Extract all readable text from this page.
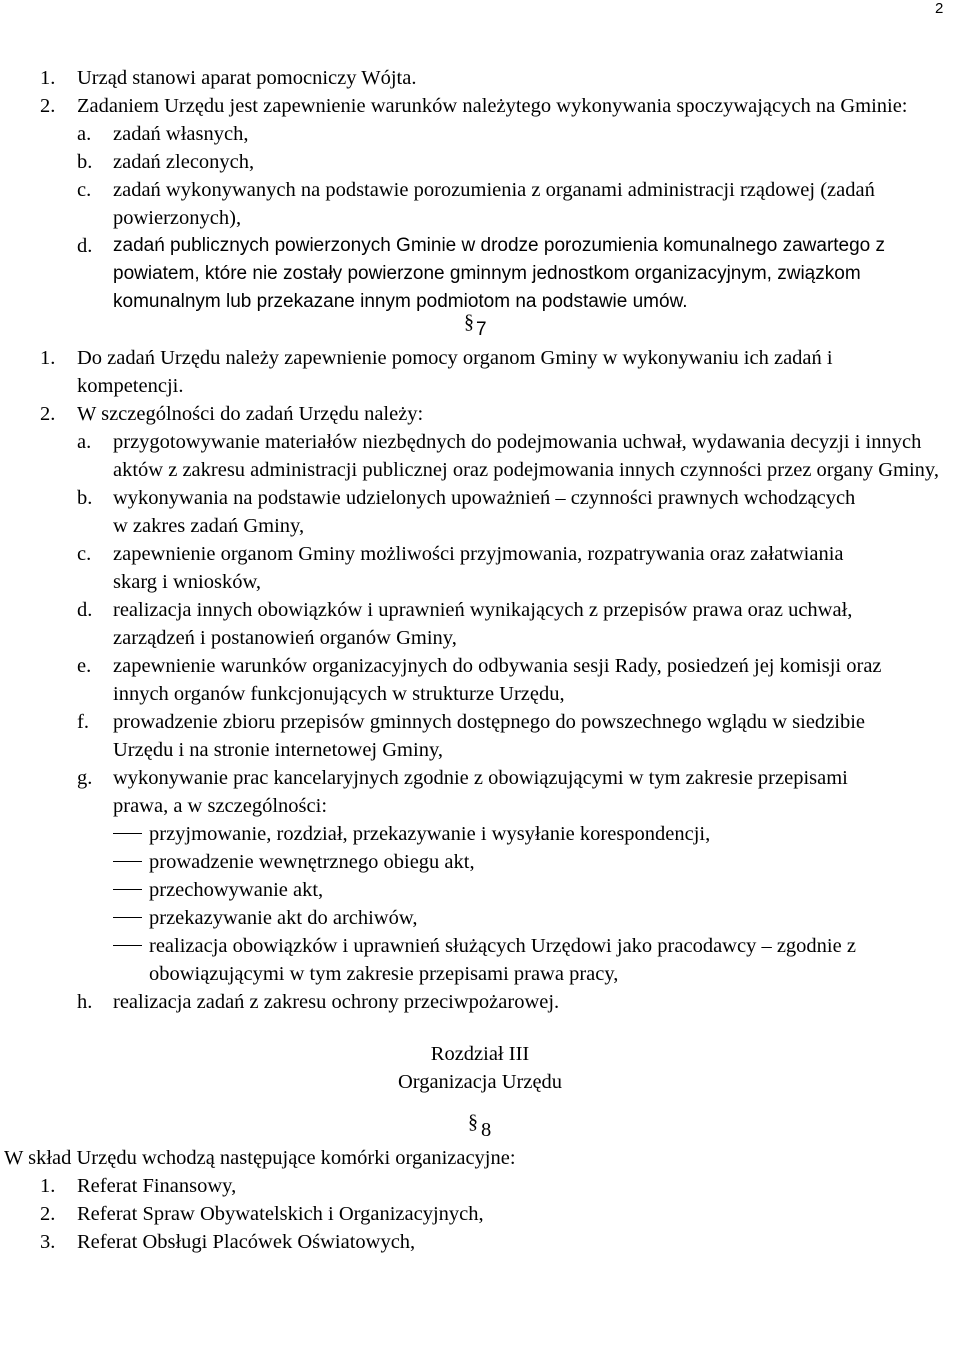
2
1. Urząd stanowi aparat pomocniczy Wójta.
2. Zadaniem Urzędu jest zapewnienie warunków należytego wykonywania spoczywających na Gminie:
a. zadań własnych,
b. zadań zleconych,
c. zadań wykonywanych na podstawie porozumienia z organami administracji rządowej (zadań powierzonych),
d. zadań publicznych powierzonych Gminie w drodze porozumienia komunalnego zawartego z powiatem, które nie zostały powierzone gminnym jednostkom organizacyjnym, związkom komunalnym lub przekazane innym podmiotom na podstawie umów.
§ 7
1. Do zadań Urzędu należy zapewnienie pomocy organom Gminy w wykonywaniu ich zadań i kompetencji.
2. W szczególności do zadań Urzędu należy:
a. przygotowywanie materiałów niezbędnych do podejmowania uchwał, wydawania decyzji i innych aktów z zakresu administracji publicznej oraz podejmowania innych czynności przez organy Gminy,
b. wykonywania na podstawie udzielonych upoważnień – czynności prawnych wchodzących w zakres zadań Gminy,
c. zapewnienie organom Gminy możliwości przyjmowania, rozpatrywania oraz załatwiania skarg i wniosków,
d. realizacja innych obowiązków i uprawnień wynikających z przepisów prawa oraz uchwał, zarządzeń i postanowień organów Gminy,
e. zapewnienie warunków organizacyjnych do odbywania sesji Rady, posiedzeń jej komisji oraz innych organów funkcjonujących w strukturze Urzędu,
f. prowadzenie zbioru przepisów gminnych dostępnego do powszechnego wglądu w siedzibie Urzędu i na stronie internetowej Gminy,
g. wykonywanie prac kancelaryjnych zgodnie z obowiązującymi w tym zakresie przepisami prawa, a w szczególności:
przyjmowanie, rozdział, przekazywanie i wysyłanie korespondencji,
prowadzenie wewnętrznego obiegu akt,
przechowywanie akt,
przekazywanie akt do archiwów,
realizacja obowiązków i uprawnień służących Urzędowi jako pracodawcy – zgodnie z obowiązującymi w tym zakresie przepisami prawa pracy,
h. realizacja zadań z zakresu ochrony przeciwpożarowej.
Rozdział III
Organizacja Urzędu
§ 8
W skład Urzędu wchodzą następujące komórki organizacyjne:
1. Referat Finansowy,
2. Referat Spraw Obywatelskich i Organizacyjnych,
3. Referat Obsługi Placówek Oświatowych,
